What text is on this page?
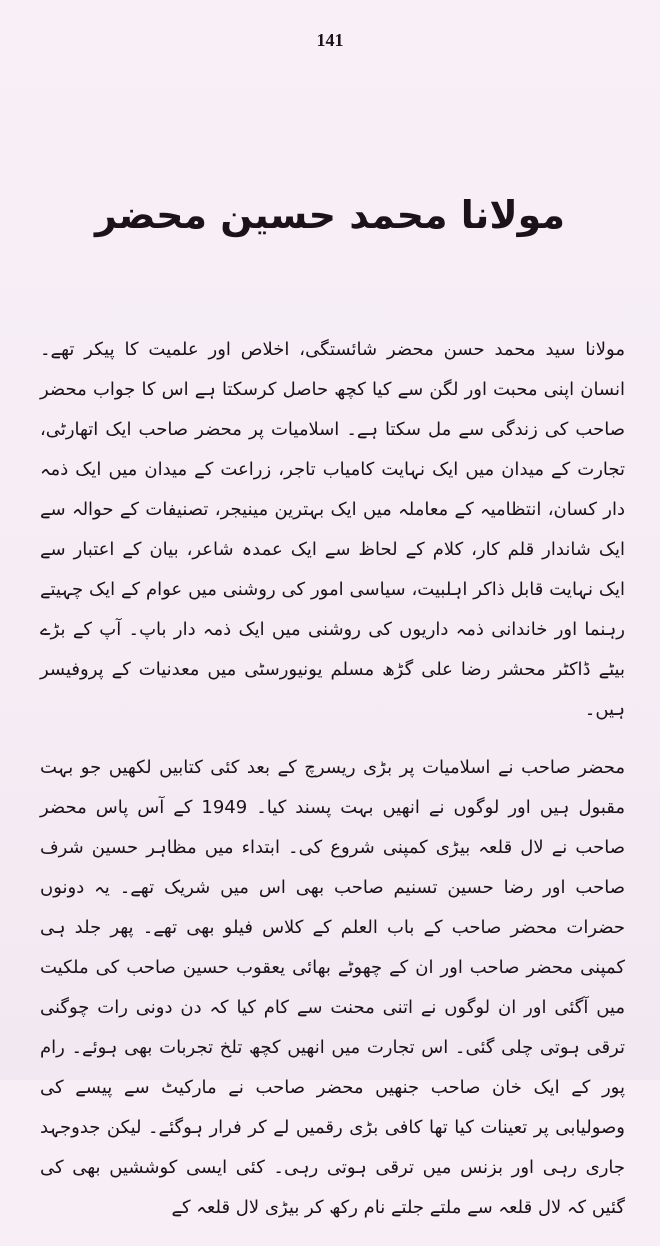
141
مولانا محمد حسین محضر

مولانا سید محمد حسن محضر شائستگی، اخلاص اور علمیت کا پیکر تھے۔ انسان اپنی محبت اور لگن سے کیا کچھ حاصل کرسکتا ہے اس کا جواب محضر صاحب کی زندگی سے مل سکتا ہے۔ اسلامیات پر محضر صاحب ایک اتھارٹی، تجارت کے میدان میں ایک نہایت کامیاب تاجر، زراعت کے میدان میں ایک ذمہ دار کسان، انتظامیہ کے معاملہ میں ایک بہترین مینیجر، تصنیفات کے حوالہ سے ایک شاندار قلم کار، کلام کے لحاظ سے ایک عمدہ شاعر، بیان کے اعتبار سے ایک نہایت قابل ذاکر اہلبیت، سیاسی امور کی روشنی میں عوام کے ایک چہیتے رہنما اور خاندانی ذمہ داریوں کی روشنی میں ایک ذمہ دار باپ۔ آپ کے بڑے بیٹے ڈاکٹر محشر رضا علی گڑھ مسلم یونیورسٹی میں معدنیات کے پروفیسر ہیں۔

محضر صاحب نے اسلامیات پر بڑی ریسرچ کے بعد کئی کتابیں لکھیں جو بہت مقبول ہیں اور لوگوں نے انھیں بہت پسند کیا۔ 1949 کے آس پاس محضر صاحب نے لال قلعہ بیڑی کمپنی شروع کی۔ ابتداء میں مظاہر حسین شرف صاحب اور رضا حسین تسنیم صاحب بھی اس میں شریک تھے۔ یہ دونوں حضرات محضر صاحب کے باب العلم کے کلاس فیلو بھی تھے۔ پھر جلد ہی کمپنی محضر صاحب اور ان کے چھوٹے بھائی یعقوب حسین صاحب کی ملکیت میں آگئی اور ان لوگوں نے اتنی محنت سے کام کیا کہ دن دونی رات چوگنی ترقی ہوتی چلی گئی۔ اس تجارت میں انھیں کچھ تلخ تجربات بھی ہوئے۔ رام پور کے ایک خان صاحب جنھیں محضر صاحب نے مارکیٹ سے پیسے کی وصولیابی پر تعینات کیا تھا کافی بڑی رقمیں لے کر فرار ہوگئے۔ لیکن جدوجہد جاری رہی اور بزنس میں ترقی ہوتی رہی۔ کئی ایسی کوششیں بھی کی گئیں کہ لال قلعہ سے ملتے جلتے نام رکھ کر بیڑی لال قلعہ کے
